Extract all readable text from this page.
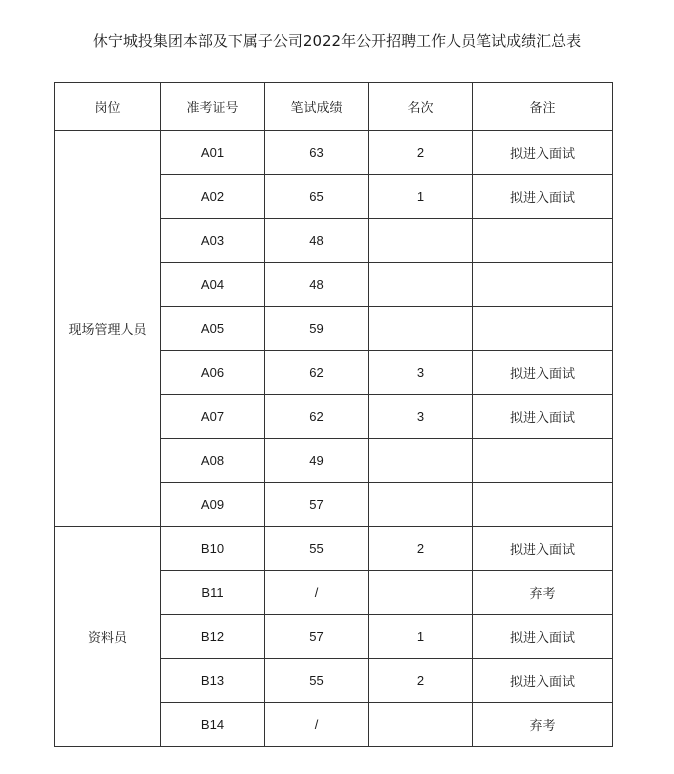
休宁城投集团本部及下属子公司2022年公开招聘工作人员笔试成绩汇总表
岗位	准考证号	笔试成绩	名次	备注
现场管理人员	A01	63	2	拟进入面试
	A02	65	1	拟进入面试
	A03	48		
	A04	48		
	A05	59		
	A06	62	3	拟进入面试
	A07	62	3	拟进入面试
	A08	49		
	A09	57		
资料员	B10	55	2	拟进入面试
	B11	/		弃考
	B12	57	1	拟进入面试
	B13	55	2	拟进入面试
	B14	/		弃考
